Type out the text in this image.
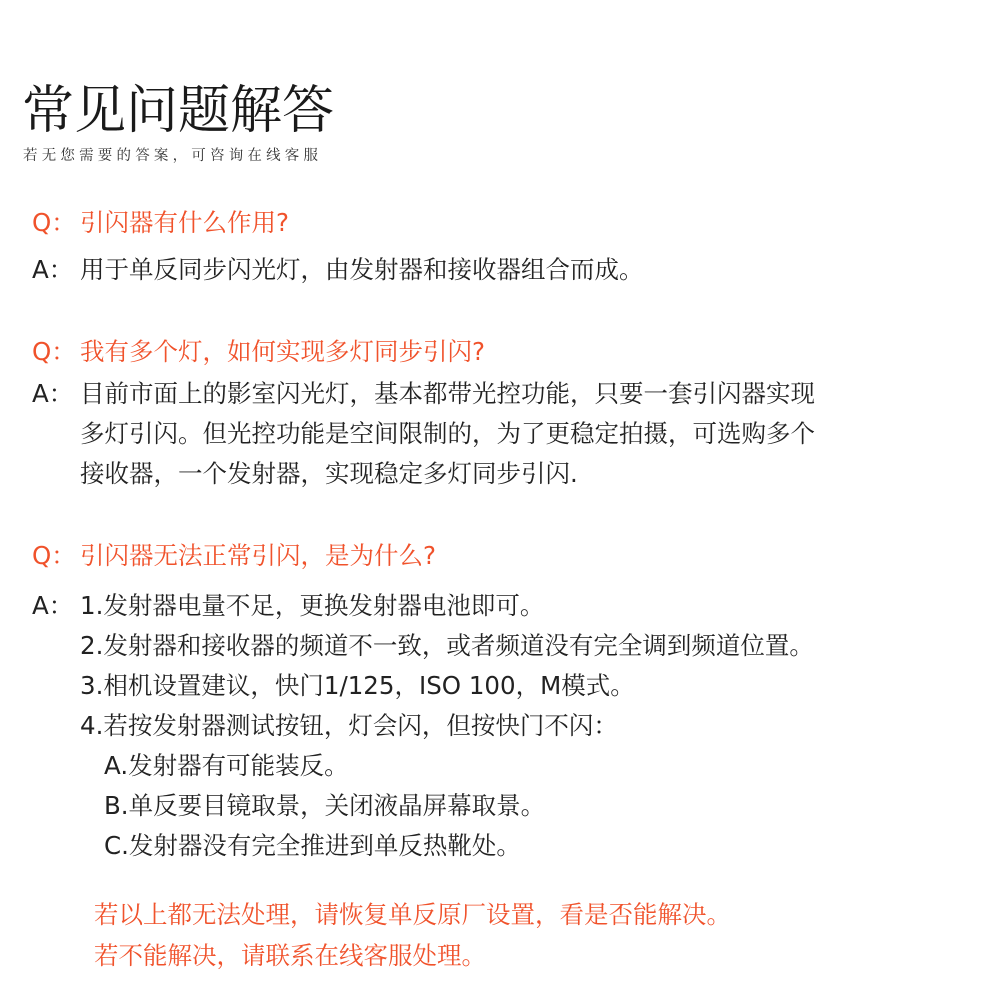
常见问题解答
若无您需要的答案，可咨询在线客服
Q： 引闪器有什么作用?
A： 用于单反同步闪光灯，由发射器和接收器组合而成。
Q： 我有多个灯，如何实现多灯同步引闪?
A： 目前市面上的影室闪光灯，基本都带光控功能，只要一套引闪器实现
多灯引闪。但光控功能是空间限制的，为了更稳定拍摄，可选购多个
接收器，一个发射器，实现稳定多灯同步引闪.
Q： 引闪器无法正常引闪，是为什么?
A： 1.发射器电量不足，更换发射器电池即可。
2.发射器和接收器的频道不一致，或者频道没有完全调到频道位置。
3.相机设置建议，快门1/125，ISO 100，M模式。
4.若按发射器测试按钮，灯会闪，但按快门不闪：
A.发射器有可能装反。
B.单反要目镜取景，关闭液晶屏幕取景。
C.发射器没有完全推进到单反热靴处。
若以上都无法处理，请恢复单反原厂设置，看是否能解决。
若不能解决，请联系在线客服处理。
